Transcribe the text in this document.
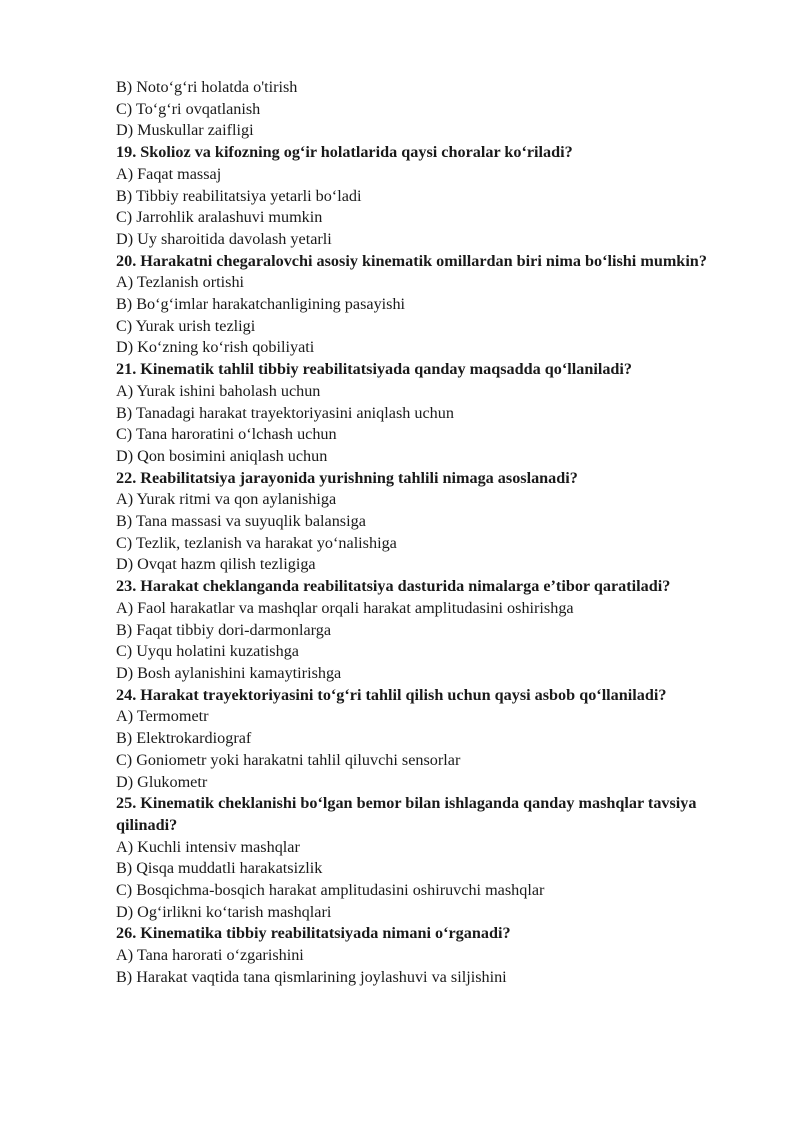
B) Noto‘g‘ri holatda o'tirish
C) To‘g‘ri ovqatlanish
D) Muskullar zaifligi
19. Skolioz va kifozning og‘ir holatlarida qaysi choralar ko‘riladi?
A) Faqat massaj
B) Tibbiy reabilitatsiya yetarli bo‘ladi
C) Jarrohlik aralashuvi mumkin
D) Uy sharoitida davolash yetarli
20. Harakatni chegaralovchi asosiy kinematik omillardan biri nima bo‘lishi mumkin?
A) Tezlanish ortishi
B) Bo‘g‘imlar harakatchanligining pasayishi
C) Yurak urish tezligi
D) Ko‘zning ko‘rish qobiliyati
21. Kinematik tahlil tibbiy reabilitatsiyada qanday maqsadda qo‘llaniladi?
A) Yurak ishini baholash uchun
B) Tanadagi harakat trayektoriyasini aniqlash uchun
C) Tana haroratini o‘lchash uchun
D) Qon bosimini aniqlash uchun
22. Reabilitatsiya jarayonida yurishning tahlili nimaga asoslanadi?
A) Yurak ritmi va qon aylanishiga
B) Tana massasi va suyuqlik balansiga
C) Tezlik, tezlanish va harakat yo‘nalishiga
D) Ovqat hazm qilish tezligiga
23. Harakat cheklanganda reabilitatsiya dasturida nimalarga e’tibor qaratiladi?
A) Faol harakatlar va mashqlar orqali harakat amplitudasini oshirishga
B) Faqat tibbiy dori-darmonlarga
C) Uyqu holatini kuzatishga
D) Bosh aylanishini kamaytirishga
24. Harakat trayektoriyasini to‘g‘ri tahlil qilish uchun qaysi asbob qo‘llaniladi?
A) Termometr
B) Elektrokardiograf
C) Goniometr yoki harakatni tahlil qiluvchi sensorlar
D) Glukometr
25. Kinematik cheklanishi bo‘lgan bemor bilan ishlaganda qanday mashqlar tavsiya qilinadi?
A) Kuchli intensiv mashqlar
B) Qisqa muddatli harakatsizlik
C) Bosqichma-bosqich harakat amplitudasini oshiruvchi mashqlar
D) Og‘irlikni ko‘tarish mashqlari
26. Kinematika tibbiy reabilitatsiyada nimani o‘rganadi?
A) Tana harorati o‘zgarishini
B) Harakat vaqtida tana qismlarining joylashuvi va siljishini
